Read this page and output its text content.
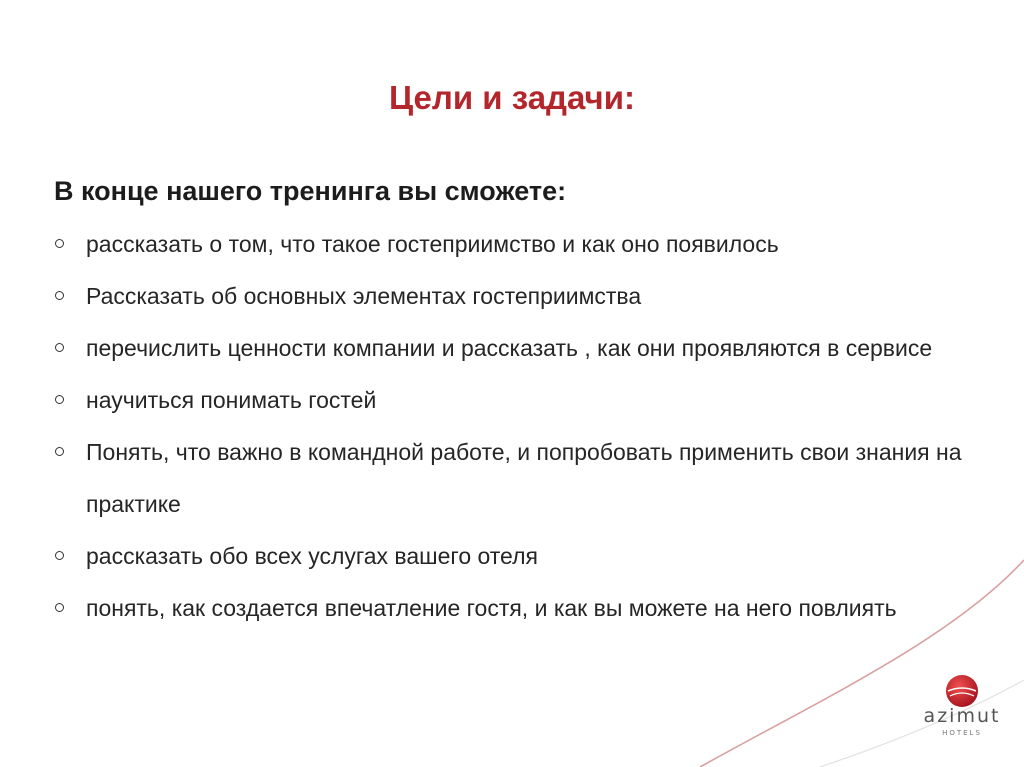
Цели и задачи:
В конце нашего тренинга вы сможете:
рассказать о том, что такое гостеприимство и как оно появилось
Рассказать об основных элементах гостеприимства
перечислить ценности компании и рассказать , как они проявляются в сервисе
научиться понимать гостей
Понять, что важно в командной работе, и попробовать применить свои знания на практике
рассказать обо всех услугах вашего отеля
понять, как создается впечатление гостя, и как вы можете на него повлиять
azimut
HOTELS
